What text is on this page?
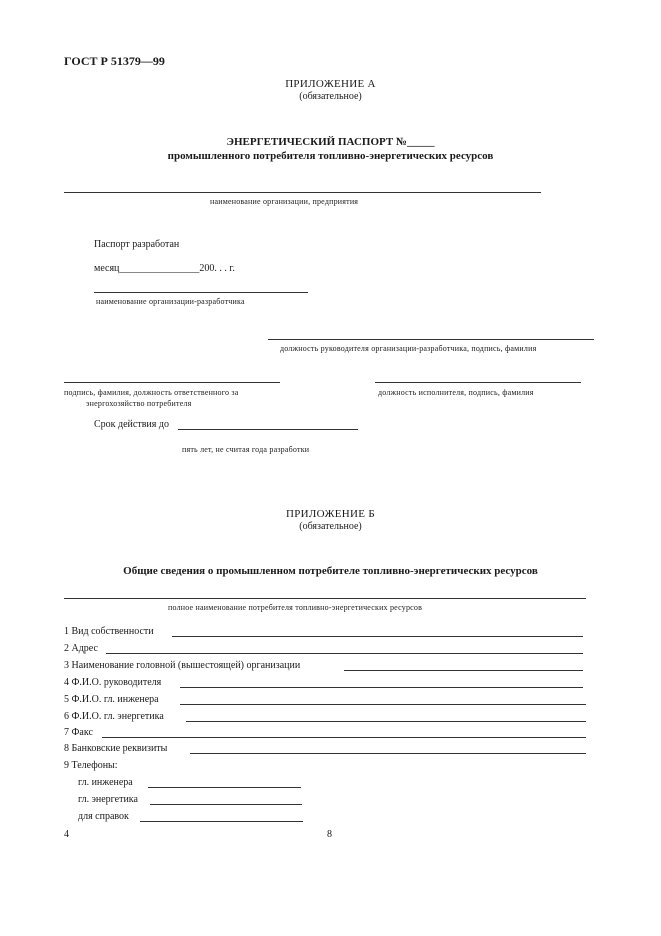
ГОСТ Р 51379—99
ПРИЛОЖЕНИЕ А
(обязательное)
ЭНЕРГЕТИЧЕСКИЙ ПАСПОРТ №_____
промышленного потребителя топливно-энергетических ресурсов
наименование организации, предприятия
Паспорт разработан
месяц________________200. . . г.
наименование организации-разработчика
должность руководителя организации-разработчика, подпись, фамилия
подпись, фамилия, должность ответственного за
энергохозяйство потребителя
должность исполнителя, подпись, фамилия
Срок действия до
пять лет, не считая года разработки
ПРИЛОЖЕНИЕ Б
(обязательное)
Общие сведения о промышленном потребителе топливно-энергетических ресурсов
полное наименование потребителя топливно-энергетических ресурсов
1 Вид собственности
2 Адрес
3 Наименование головной (вышестоящей) организации
4 Ф.И.О. руководителя
5 Ф.И.О. гл. инженера
6 Ф.И.О. гл. энергетика
7 Факс
8 Банковские реквизиты
9 Телефоны:
гл. инженера
гл. энергетика
для справок
4	8
